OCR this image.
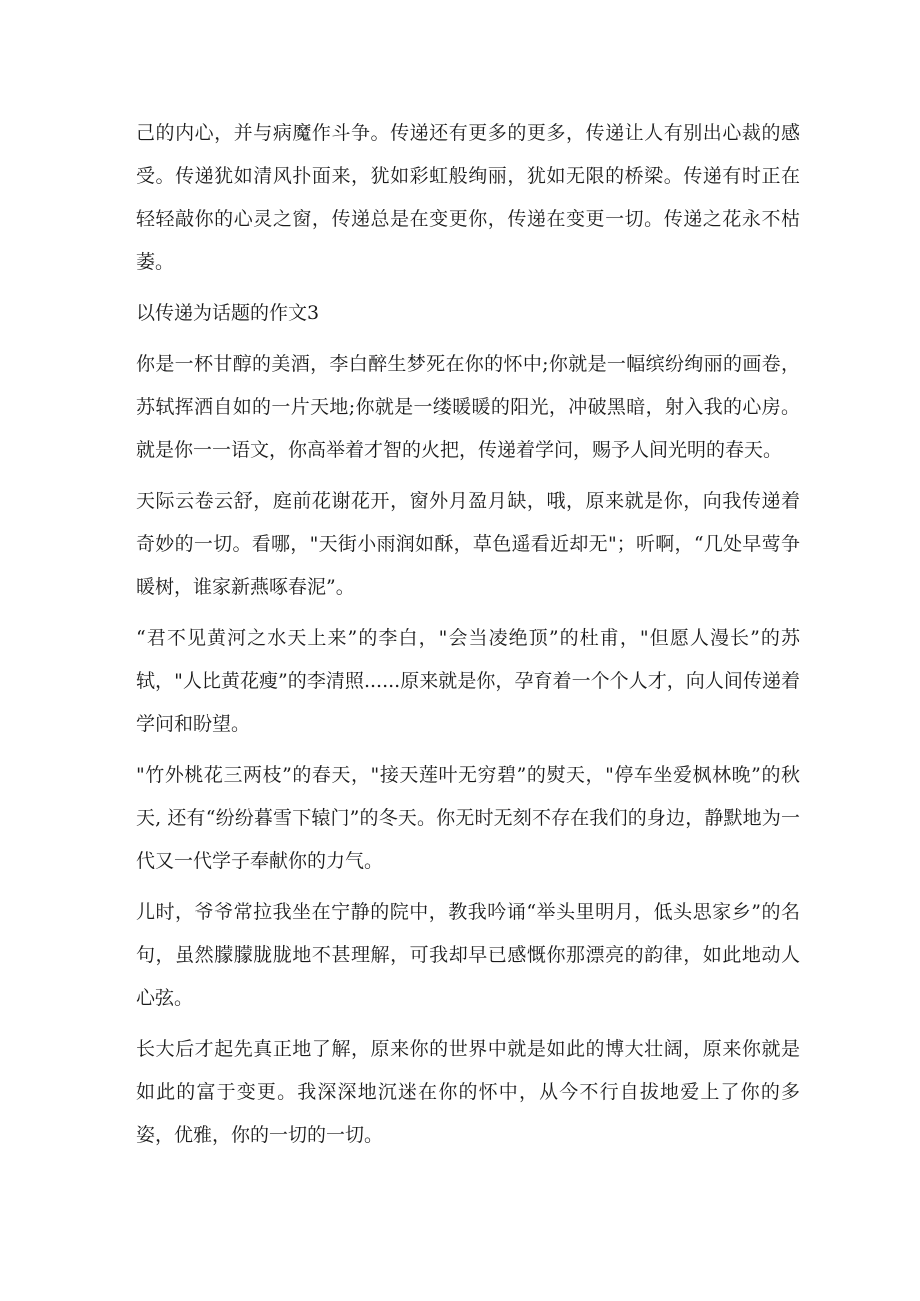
己的内心，并与病魔作斗争。传递还有更多的更多，传递让人有别出心裁的感受。传递犹如清风扑面来，犹如彩虹般绚丽，犹如无限的桥梁。传递有时正在轻轻敲你的心灵之窗，传递总是在变更你，传递在变更一切。传递之花永不枯萎。

以传递为话题的作文3

你是一杯甘醇的美酒，李白醉生梦死在你的怀中;你就是一幅缤纷绚丽的画卷，苏轼挥洒自如的一片天地;你就是一缕暖暖的阳光，冲破黑暗，射入我的心房。就是你一一语文，你高举着才智的火把，传递着学问，赐予人间光明的春天。

天际云卷云舒，庭前花谢花开，窗外月盈月缺，哦，原来就是你，向我传递着奇妙的一切。看哪，"天街小雨润如酥，草色遥看近却无"；听啊，“几处早莺争暖树，谁家新燕啄春泥”。

“君不见黄河之水天上来”的李白，"会当凌绝顶”的杜甫，"但愿人漫长”的苏轼，"人比黄花瘦”的李清照......原来就是你，孕育着一个个人才，向人间传递着学问和盼望。

"竹外桃花三两枝”的春天，"接天莲叶无穷碧”的熨天，"停车坐爱枫林晚”的秋天, 还有“纷纷暮雪下辕门”的冬天。你无时无刻不存在我们的身边，静默地为一代又一代学子奉献你的力气。

儿时，爷爷常拉我坐在宁静的院中，教我吟诵“举头里明月，低头思家乡”的名句，虽然朦朦胧胧地不甚理解，可我却早已感慨你那漂亮的韵律，如此地动人心弦。

长大后才起先真正地了解，原来你的世界中就是如此的博大壮阔，原来你就是如此的富于变更。我深深地沉迷在你的怀中，从今不行自拔地爱上了你的多姿，优雅，你的一切的一切。
